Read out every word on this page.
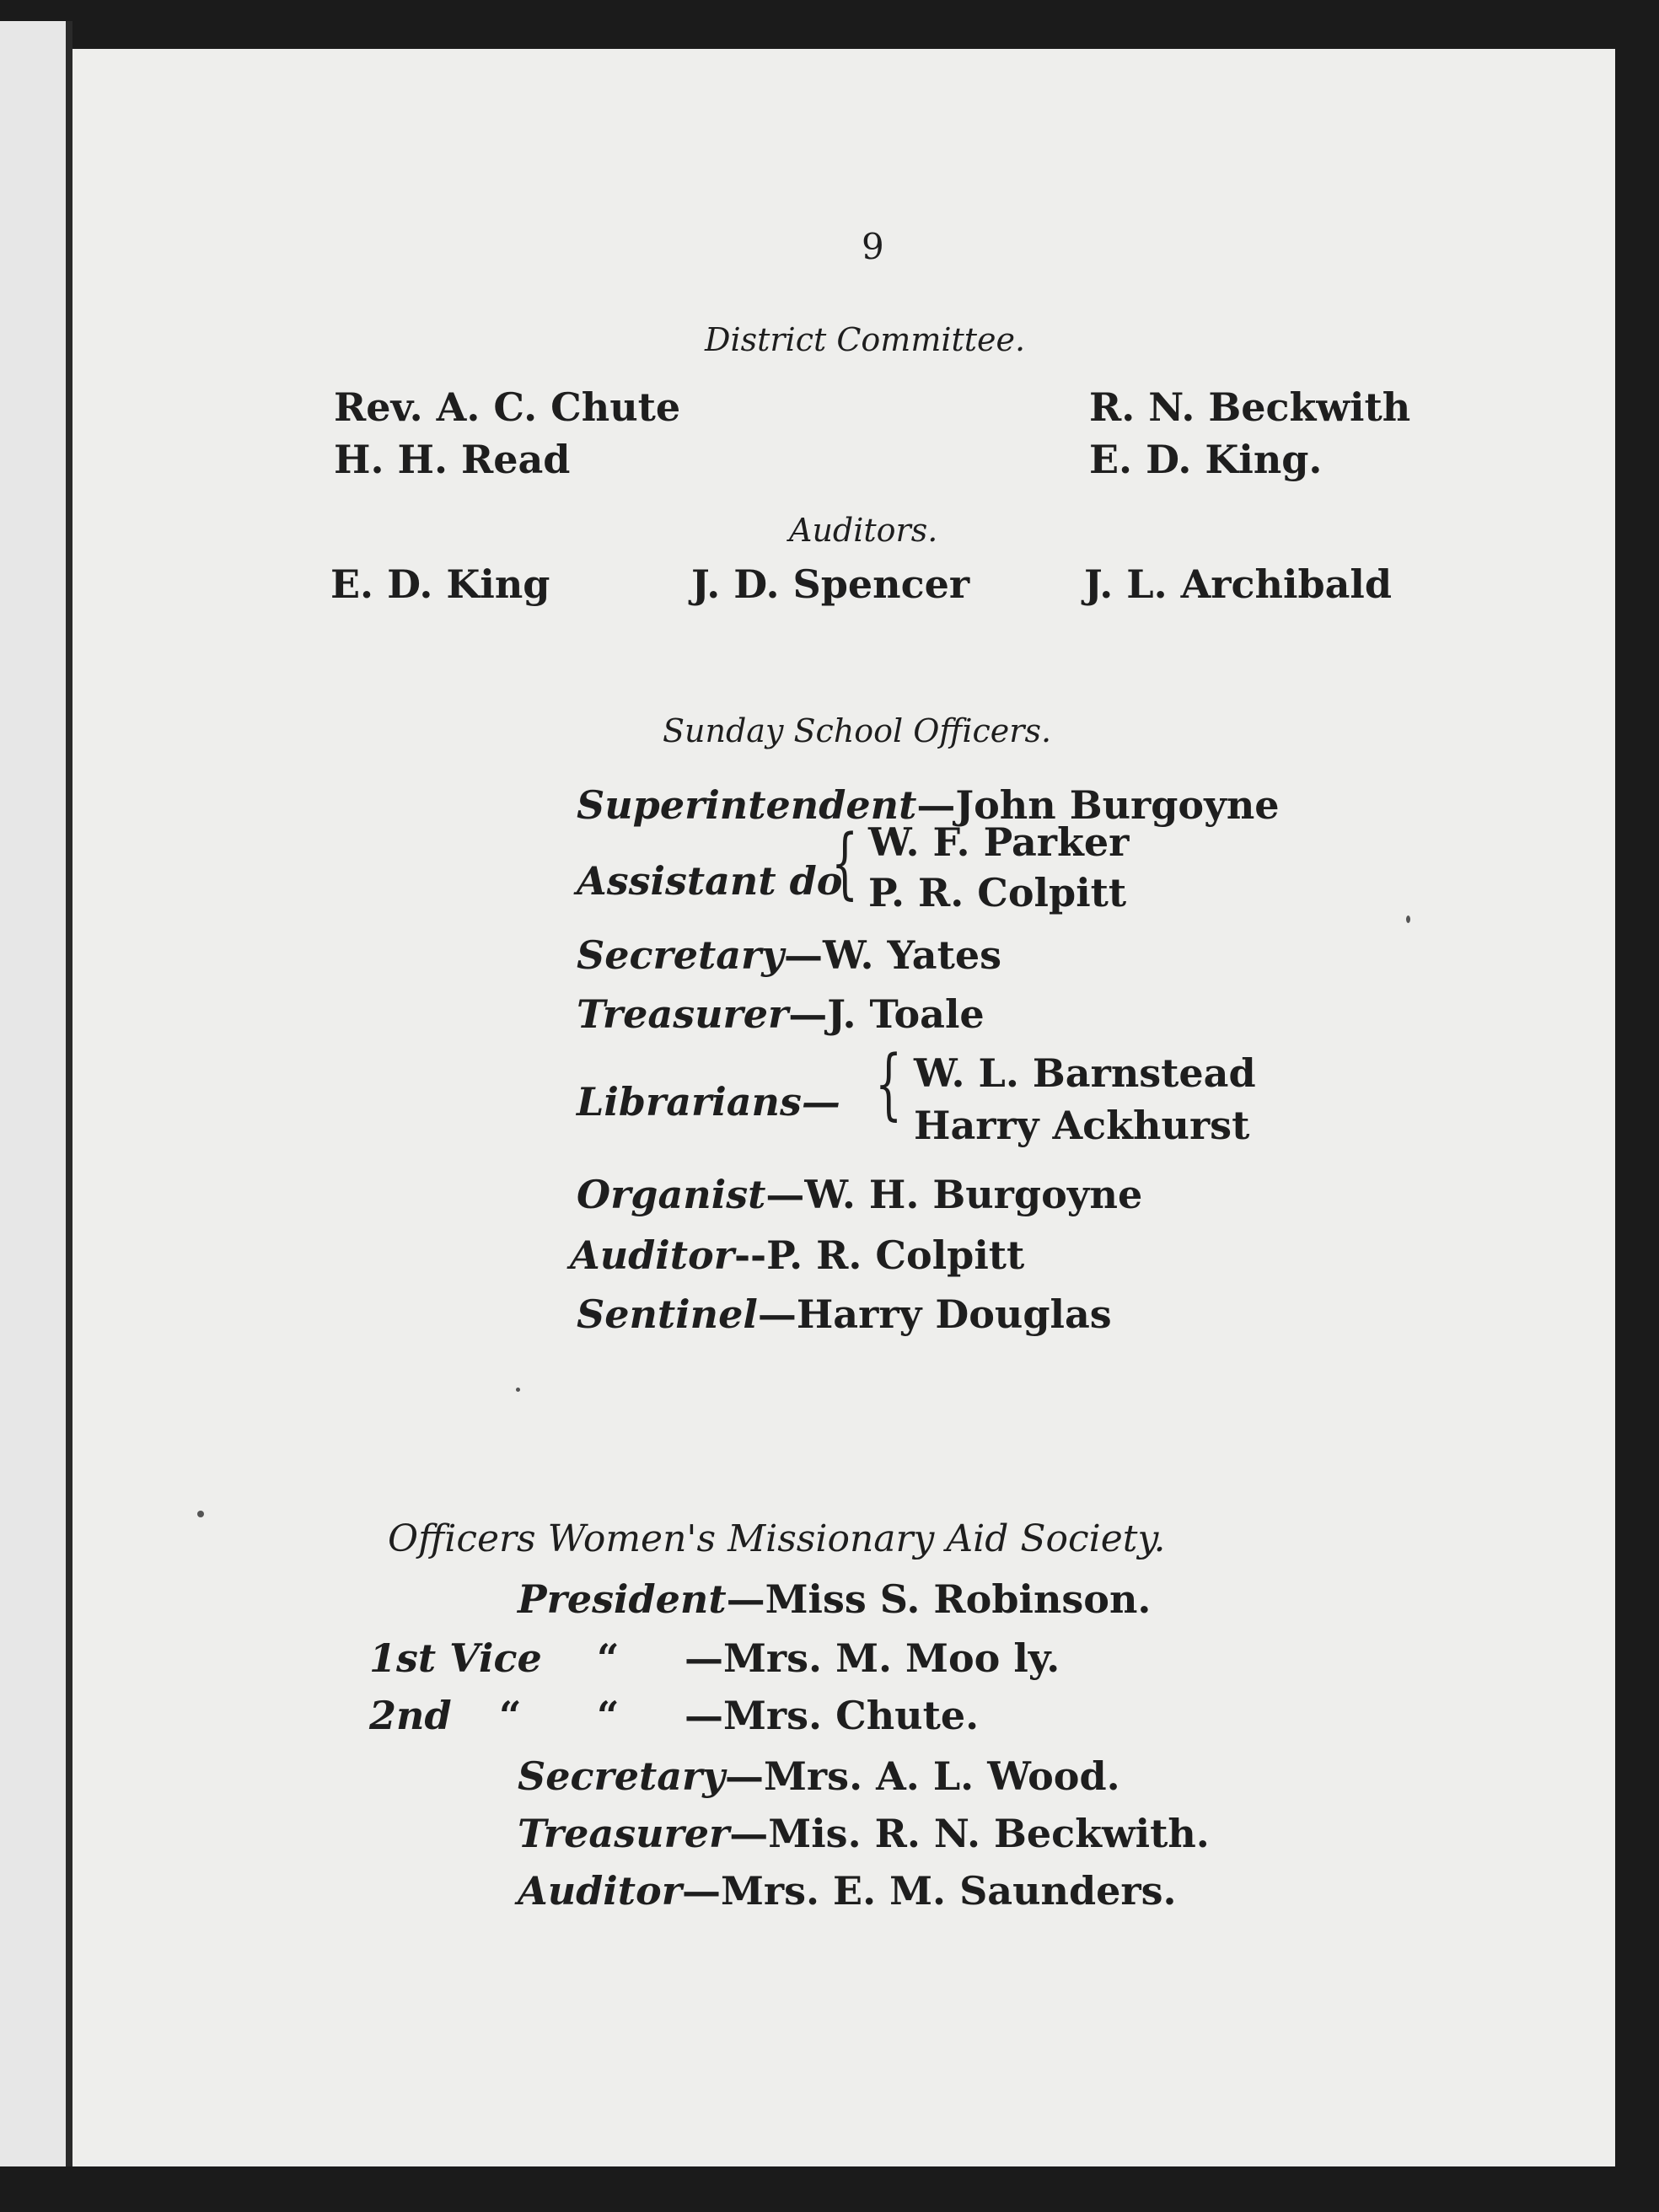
9
District Committee.
Rev. A. C. Chute
H. H. Read
R. N. Beckwith
E. D. King.
Auditors.
E. D. King	J. D. Spencer	J. L. Archibald
Sunday School Officers.
Superintendent—John Burgoyne
Assistant do
{ W. F. Parker
P. R. Colpitt
Secretary—W. Yates
Treasurer—J. Toale
Librarians— { W. L. Barnstead
Harry Ackhurst
Organist—W. H. Burgoyne
Auditor--P. R. Colpitt
Sentinel—Harry Douglas
Officers Women's Missionary Aid Society.
President—Miss S. Robinson.
1st Vice “ —Mrs. M. Moo ly.
2nd “ “ —Mrs. Chute.
Secretary—Mrs. A. L. Wood.
Treasurer—Mis. R. N. Beckwith.
Auditor—Mrs. E. M. Saunders.
